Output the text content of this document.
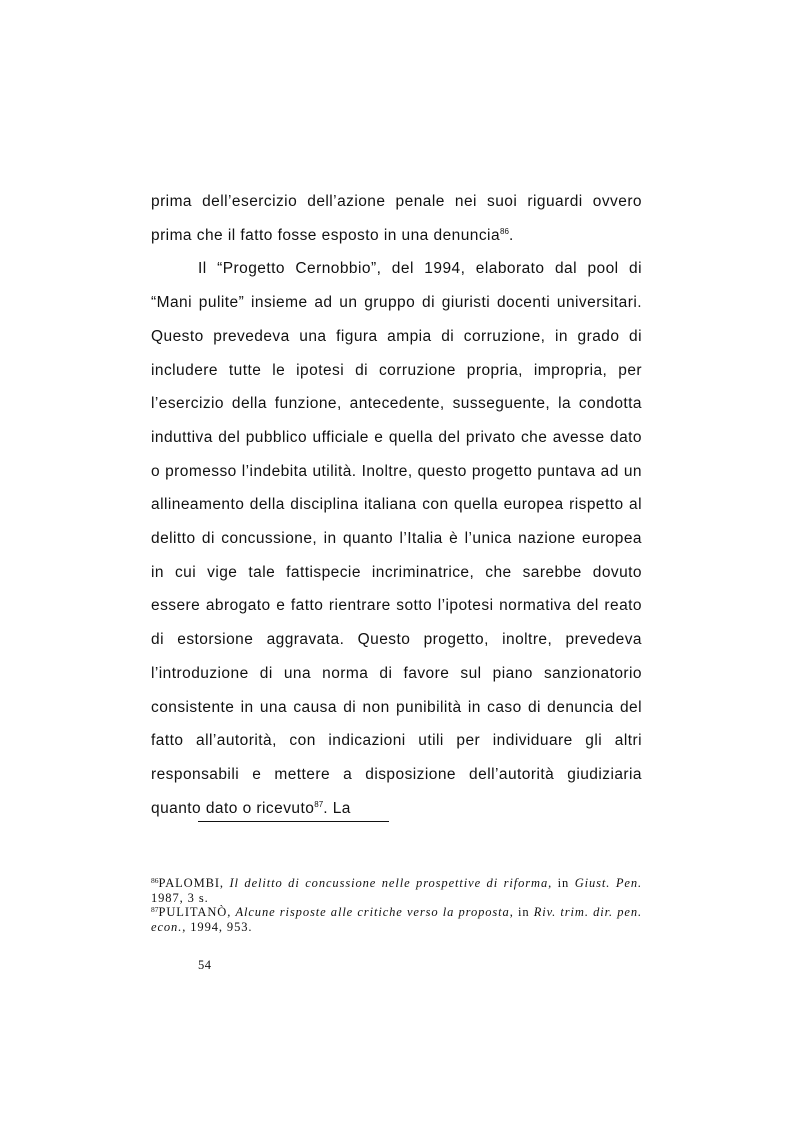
prima dell’esercizio dell’azione penale nei suoi riguardi ovvero prima che il fatto fosse esposto in una denuncia$^{86}$.

Il “Progetto Cernobbio”, del 1994, elaborato dal pool di “Mani pulite” insieme ad un gruppo di giuristi docenti universitari. Questo prevedeva una figura ampia di corruzione, in grado di includere tutte le ipotesi di corruzione propria, impropria, per l’esercizio della funzione, antecedente, susseguente, la condotta induttiva del pubblico ufficiale e quella del privato che avesse dato o promesso l’indebita utilità. Inoltre, questo progetto puntava ad un allineamento della disciplina italiana con quella europea rispetto al delitto di concussione, in quanto l’Italia è l’unica nazione europea in cui vige tale fattispecie incriminatrice, che sarebbe dovuto essere abrogato e fatto rientrare sotto l’ipotesi normativa del reato di estorsione aggravata. Questo progetto, inoltre, prevedeva l’introduzione di una norma di favore sul piano sanzionatorio consistente in una causa di non punibilità in caso di denuncia del fatto all’autorità, con indicazioni utili per individuare gli altri responsabili e mettere a disposizione dell’autorità giudiziaria quanto dato o ricevuto$^{87}$. La

$^{86}$PALOMBI, Il delitto di concussione nelle prospettive di riforma, in Giust. Pen. 1987, 3 s.

$^{87}$PULITANÒ, Alcune risposte alle critiche verso la proposta, in Riv. trim. dir. pen. econ., 1994, 953.

54
